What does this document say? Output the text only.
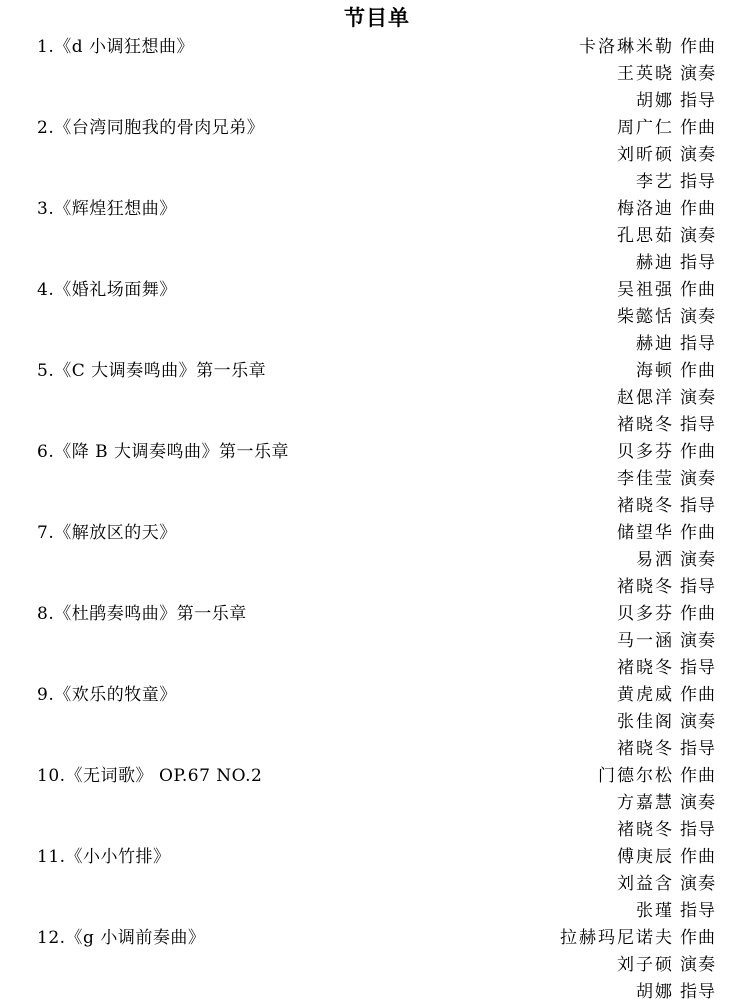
节目单
1.《d 小调狂想曲》	卡洛琳米勒 作曲
王英晓 演奏
胡娜 指导
2.《台湾同胞我的骨肉兄弟》	周广仁 作曲
刘昕硕 演奏
李艺 指导
3.《辉煌狂想曲》	梅洛迪 作曲
孔思茹 演奏
赫迪 指导
4.《婚礼场面舞》	吴祖强 作曲
柴懿恬 演奏
赫迪 指导
5.《C 大调奏鸣曲》第一乐章	海顿 作曲
赵偲洋 演奏
褚晓冬 指导
6.《降 B 大调奏鸣曲》第一乐章	贝多芬 作曲
李佳莹 演奏
褚晓冬 指导
7.《解放区的天》	储望华 作曲
易洒 演奏
褚晓冬 指导
8.《杜鹃奏鸣曲》第一乐章	贝多芬 作曲
马一涵 演奏
褚晓冬 指导
9.《欢乐的牧童》	黄虎威 作曲
张佳阁 演奏
褚晓冬 指导
10.《无词歌》 OP.67 NO.2	门德尔松 作曲
方嘉慧 演奏
褚晓冬 指导
11.《小小竹排》	傅庚辰 作曲
刘益含 演奏
张瑾 指导
12.《g 小调前奏曲》	拉赫玛尼诺夫 作曲
刘子硕 演奏
胡娜 指导
